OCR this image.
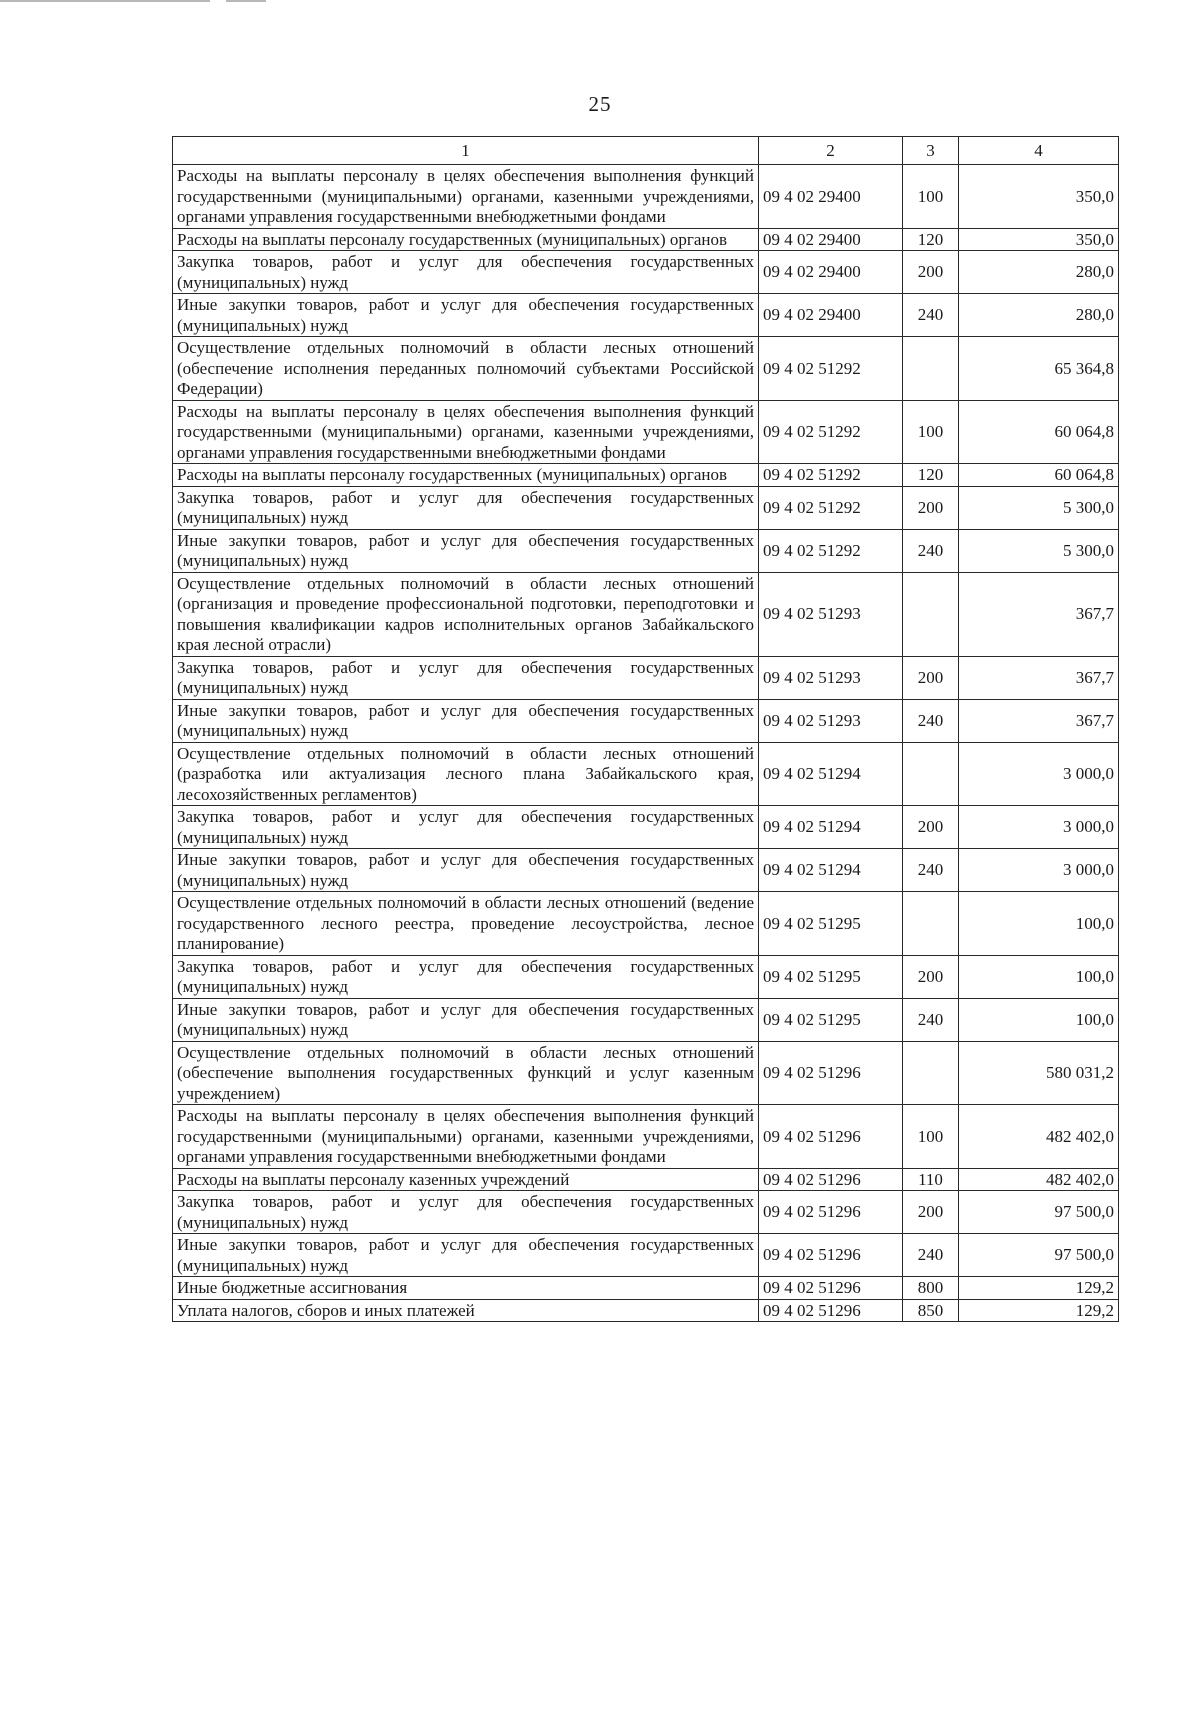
25
1	2	3	4
Расходы на выплаты персоналу в целях обеспечения выполнения функций государственными (муниципальными) органами, казенными учреждениями, органами управления государственными внебюджетными фондами	09 4 02 29400	100	350,0
Расходы на выплаты персоналу государственных (муниципальных) органов	09 4 02 29400	120	350,0
Закупка товаров, работ и услуг для обеспечения государственных (муниципальных) нужд	09 4 02 29400	200	280,0
Иные закупки товаров, работ и услуг для обеспечения государственных (муниципальных) нужд	09 4 02 29400	240	280,0
Осуществление отдельных полномочий в области лесных отношений (обеспечение исполнения переданных полномочий субъектами Российской Федерации)	09 4 02 51292		65 364,8
Расходы на выплаты персоналу в целях обеспечения выполнения функций государственными (муниципальными) органами, казенными учреждениями, органами управления государственными внебюджетными фондами	09 4 02 51292	100	60 064,8
Расходы на выплаты персоналу государственных (муниципальных) органов	09 4 02 51292	120	60 064,8
Закупка товаров, работ и услуг для обеспечения государственных (муниципальных) нужд	09 4 02 51292	200	5 300,0
Иные закупки товаров, работ и услуг для обеспечения государственных (муниципальных) нужд	09 4 02 51292	240	5 300,0
Осуществление отдельных полномочий в области лесных отношений (организация и проведение профессиональной подготовки, переподготовки и повышения квалификации кадров исполнительных органов Забайкальского края лесной отрасли)	09 4 02 51293		367,7
Закупка товаров, работ и услуг для обеспечения государственных (муниципальных) нужд	09 4 02 51293	200	367,7
Иные закупки товаров, работ и услуг для обеспечения государственных (муниципальных) нужд	09 4 02 51293	240	367,7
Осуществление отдельных полномочий в области лесных отношений (разработка или актуализация лесного плана Забайкальского края, лесохозяйственных регламентов)	09 4 02 51294		3 000,0
Закупка товаров, работ и услуг для обеспечения государственных (муниципальных) нужд	09 4 02 51294	200	3 000,0
Иные закупки товаров, работ и услуг для обеспечения государственных (муниципальных) нужд	09 4 02 51294	240	3 000,0
Осуществление отдельных полномочий в области лесных отношений (ведение государственного лесного реестра, проведение лесоустройства, лесное планирование)	09 4 02 51295		100,0
Закупка товаров, работ и услуг для обеспечения государственных (муниципальных) нужд	09 4 02 51295	200	100,0
Иные закупки товаров, работ и услуг для обеспечения государственных (муниципальных) нужд	09 4 02 51295	240	100,0
Осуществление отдельных полномочий в области лесных отношений (обеспечение выполнения государственных функций и услуг казенным учреждением)	09 4 02 51296		580 031,2
Расходы на выплаты персоналу в целях обеспечения выполнения функций государственными (муниципальными) органами, казенными учреждениями, органами управления государственными внебюджетными фондами	09 4 02 51296	100	482 402,0
Расходы на выплаты персоналу казенных учреждений	09 4 02 51296	110	482 402,0
Закупка товаров, работ и услуг для обеспечения государственных (муниципальных) нужд	09 4 02 51296	200	97 500,0
Иные закупки товаров, работ и услуг для обеспечения государственных (муниципальных) нужд	09 4 02 51296	240	97 500,0
Иные бюджетные ассигнования	09 4 02 51296	800	129,2
Уплата налогов, сборов и иных платежей	09 4 02 51296	850	129,2
